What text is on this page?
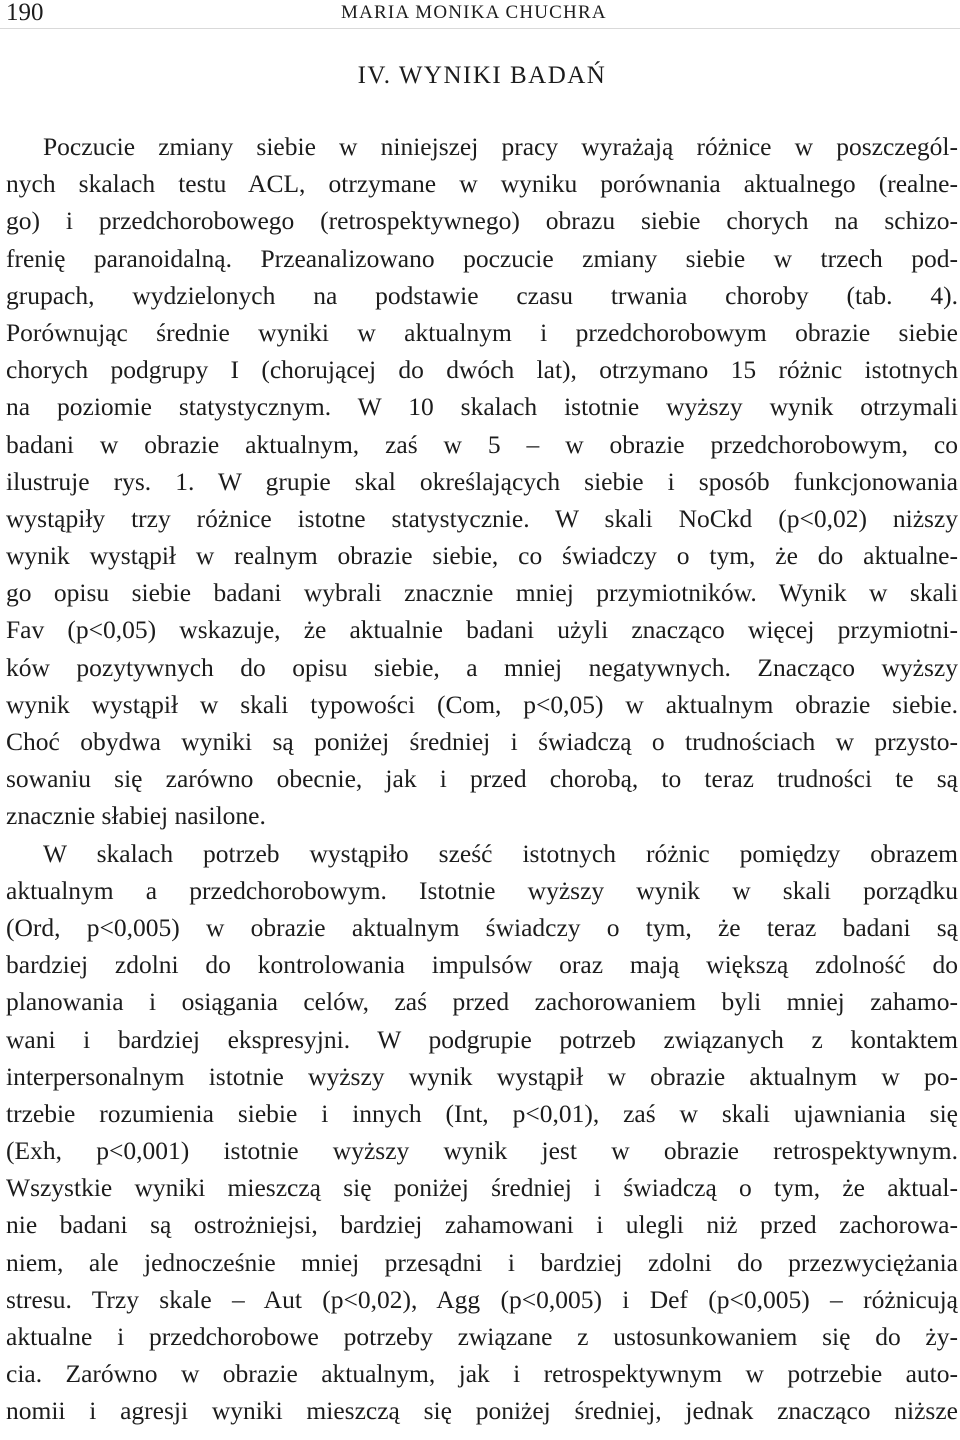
190	MARIA MONIKA CHUCHRA
IV. WYNIKI BADAŃ
Poczucie zmiany siebie w niniejszej pracy wyrażają różnice w poszczegól-
nych skalach testu ACL, otrzymane w wyniku porównania aktualnego (realne-
go) i przedchorobowego (retrospektywnego) obrazu siebie chorych na schizo-
frenię paranoidalną. Przeanalizowano poczucie zmiany siebie w trzech pod-
grupach, wydzielonych na podstawie czasu trwania choroby (tab. 4).
Porównując średnie wyniki w aktualnym i przedchorobowym obrazie siebie
chorych podgrupy I (chorującej do dwóch lat), otrzymano 15 różnic istotnych
na poziomie statystycznym. W 10 skalach istotnie wyższy wynik otrzymali
badani w obrazie aktualnym, zaś w 5 – w obrazie przedchorobowym, co
ilustruje rys. 1. W grupie skal określających siebie i sposób funkcjonowania
wystąpiły trzy różnice istotne statystycznie. W skali NoCkd (p<0,02) niższy
wynik wystąpił w realnym obrazie siebie, co świadczy o tym, że do aktualne-
go opisu siebie badani wybrali znacznie mniej przymiotników. Wynik w skali
Fav (p<0,05) wskazuje, że aktualnie badani użyli znacząco więcej przymiotni-
ków pozytywnych do opisu siebie, a mniej negatywnych. Znacząco wyższy
wynik wystąpił w skali typowości (Com, p<0,05) w aktualnym obrazie siebie.
Choć obydwa wyniki są poniżej średniej i świadczą o trudnościach w przysto-
sowaniu się zarówno obecnie, jak i przed chorobą, to teraz trudności te są
znacznie słabiej nasilone.
W skalach potrzeb wystąpiło sześć istotnych różnic pomiędzy obrazem
aktualnym a przedchorobowym. Istotnie wyższy wynik w skali porządku
(Ord, p<0,005) w obrazie aktualnym świadczy o tym, że teraz badani są
bardziej zdolni do kontrolowania impulsów oraz mają większą zdolność do
planowania i osiągania celów, zaś przed zachorowaniem byli mniej zahamo-
wani i bardziej ekspresyjni. W podgrupie potrzeb związanych z kontaktem
interpersonalnym istotnie wyższy wynik wystąpił w obrazie aktualnym w po-
trzebie rozumienia siebie i innych (Int, p<0,01), zaś w skali ujawniania się
(Exh, p<0,001) istotnie wyższy wynik jest w obrazie retrospektywnym.
Wszystkie wyniki mieszczą się poniżej średniej i świadczą o tym, że aktual-
nie badani są ostrożniejsi, bardziej zahamowani i ulegli niż przed zachorowa-
niem, ale jednocześnie mniej przesądni i bardziej zdolni do przezwyciężania
stresu. Trzy skale – Aut (p<0,02), Agg (p<0,005) i Def (p<0,005) – różnicują
aktualne i przedchorobowe potrzeby związane z ustosunkowaniem się do ży-
cia. Zarówno w obrazie aktualnym, jak i retrospektywnym w potrzebie auto-
nomii i agresji wyniki mieszczą się poniżej średniej, jednak znacząco niższe
